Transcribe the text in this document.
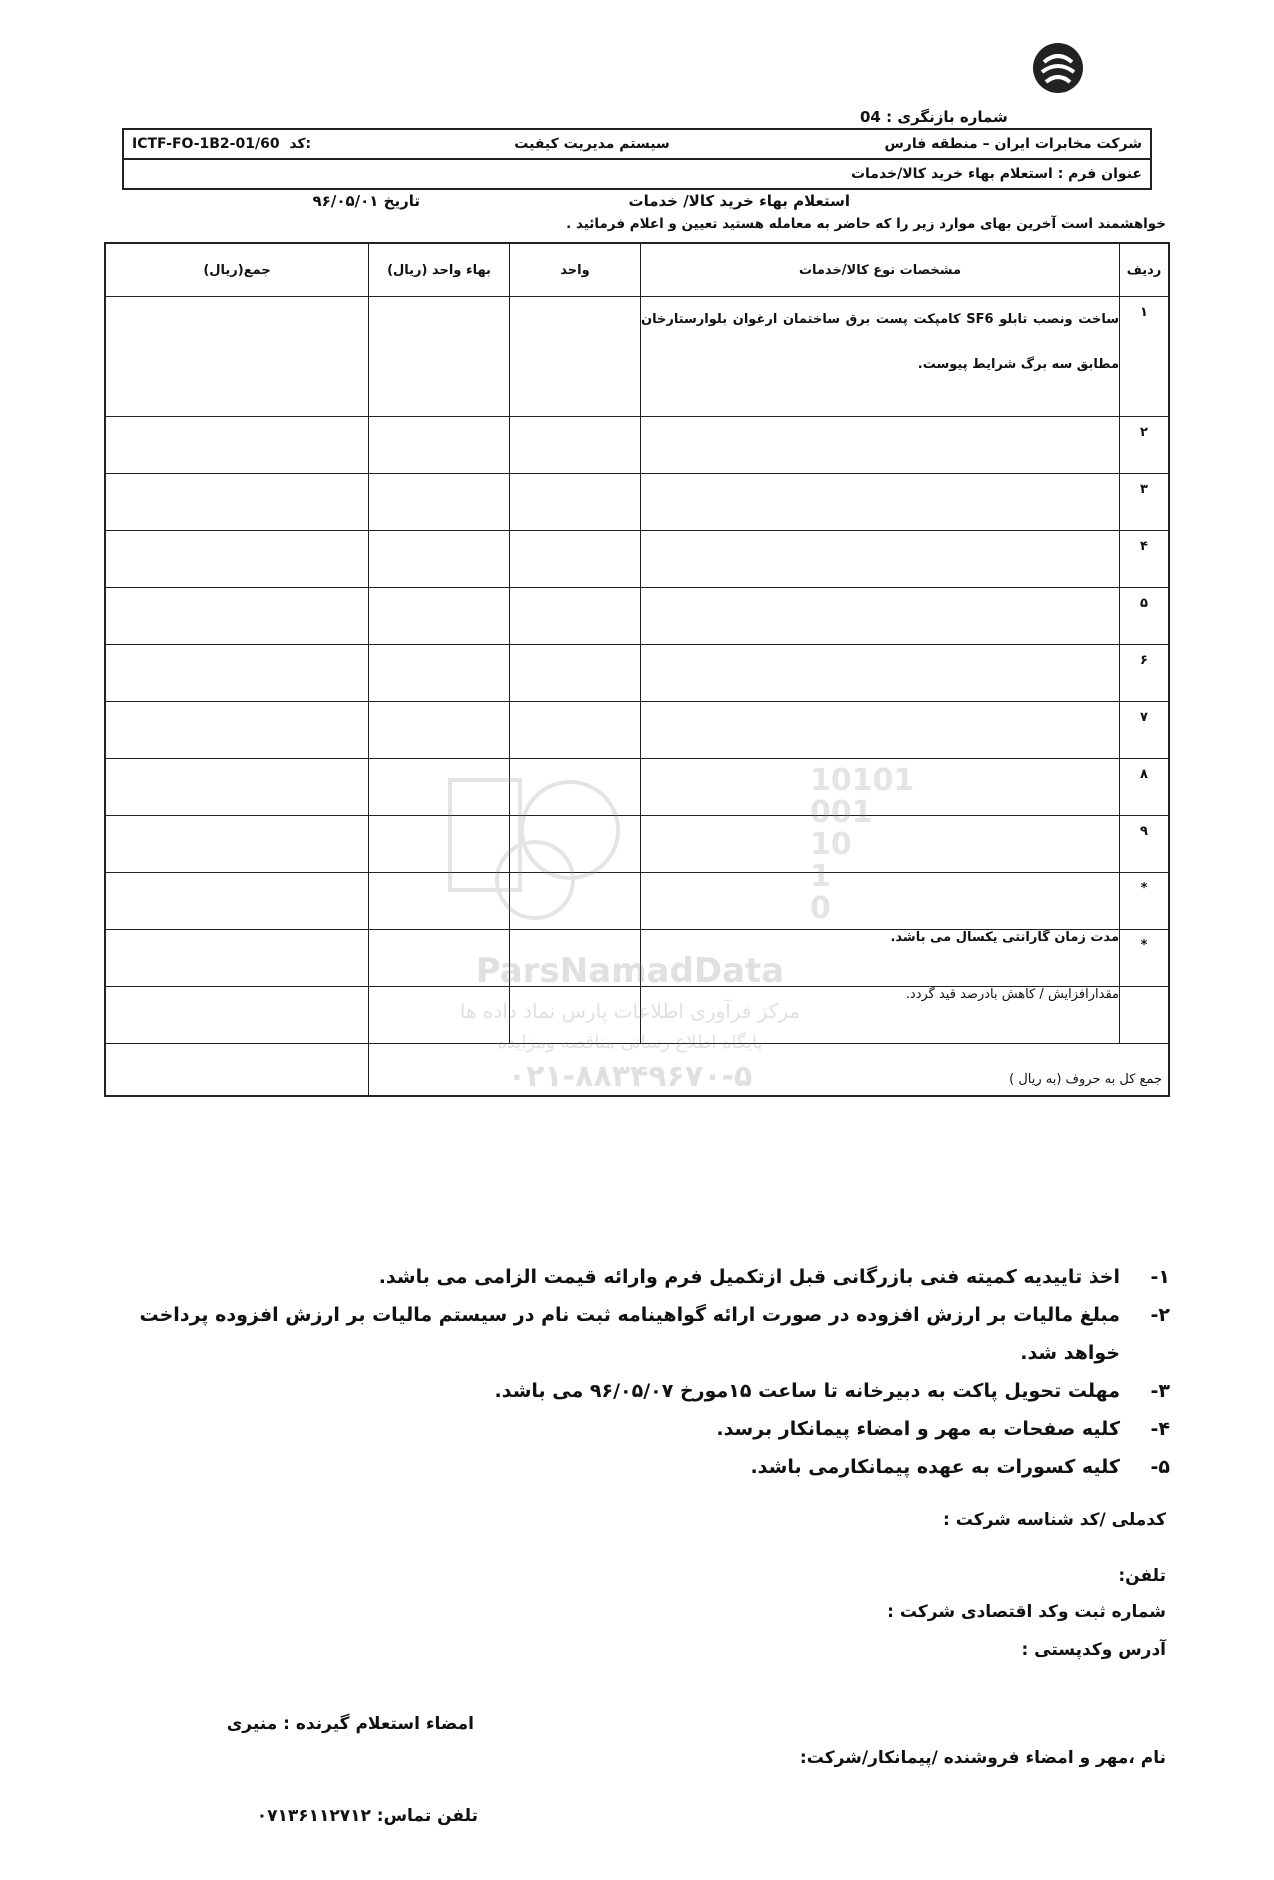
شماره بازنگری : 04
شرکت مخابرات ایران – منطقه فارس
سیستم مدیریت کیفیت
ICTF-FO-1B2-01/60 کد:
عنوان فرم : استعلام بهاء خرید کالا/خدمات
استعلام بهاء خرید کالا/ خدمات
تاریخ ۹۶/۰۵/۰۱
خواهشمند است آخرین بهای موارد زیر را که حاضر به معامله هستید تعیین و اعلام فرمائید .
ردیف	مشخصات نوع کالا/خدمات	واحد	بهاء واحد (ریال)	جمع(ریال)
۱	ساخت ونصب تابلو SF6 کامپکت پست برق ساختمان ارغوان بلوارستارخان مطابق سه برگ شرایط پیوست.			
۲				
۳				
۴				
۵				
۶				
۷				
۸				
۹				
*				
*	مدت زمان گارانتی یکسال می باشد.			
	مقدارافزایش / کاهش بادرصد قید گردد.			
جمع کل به حروف (به ریال )				
10101
001
10
1
0
ParsNamadData
مرکز فرآوری اطلاعات پارس نماد داده ها
پایگاه اطلاع رسانی مناقصه ومزایده
۰۲۱-۸۸۳۴۹۶۷۰-۵
۱-
اخذ تاییدیه کمیته فنی بازرگانی قبل ازتکمیل فرم وارائه قیمت الزامی می باشد.
۲-
مبلغ مالیات بر ارزش افزوده در صورت ارائه گواهینامه ثبت نام در سیستم مالیات بر ارزش افزوده پرداخت خواهد شد.
۳-
مهلت تحویل پاکت به دبیرخانه تا ساعت ۱۵مورخ ۹۶/۰۵/۰۷ می باشد.
۴-
کلیه صفحات به مهر و امضاء پیمانکار برسد.
۵-
کلیه کسورات به عهده پیمانکارمی باشد.
کدملی /کد شناسه شرکت :
تلفن:
شماره ثبت وکد اقتصادی شرکت :
آدرس وکدپستی :
امضاء استعلام گیرنده : منیری
نام ،مهر و امضاء فروشنده /پیمانکار/شرکت:
تلفن تماس: ۰۷۱۳۶۱۱۲۷۱۲
